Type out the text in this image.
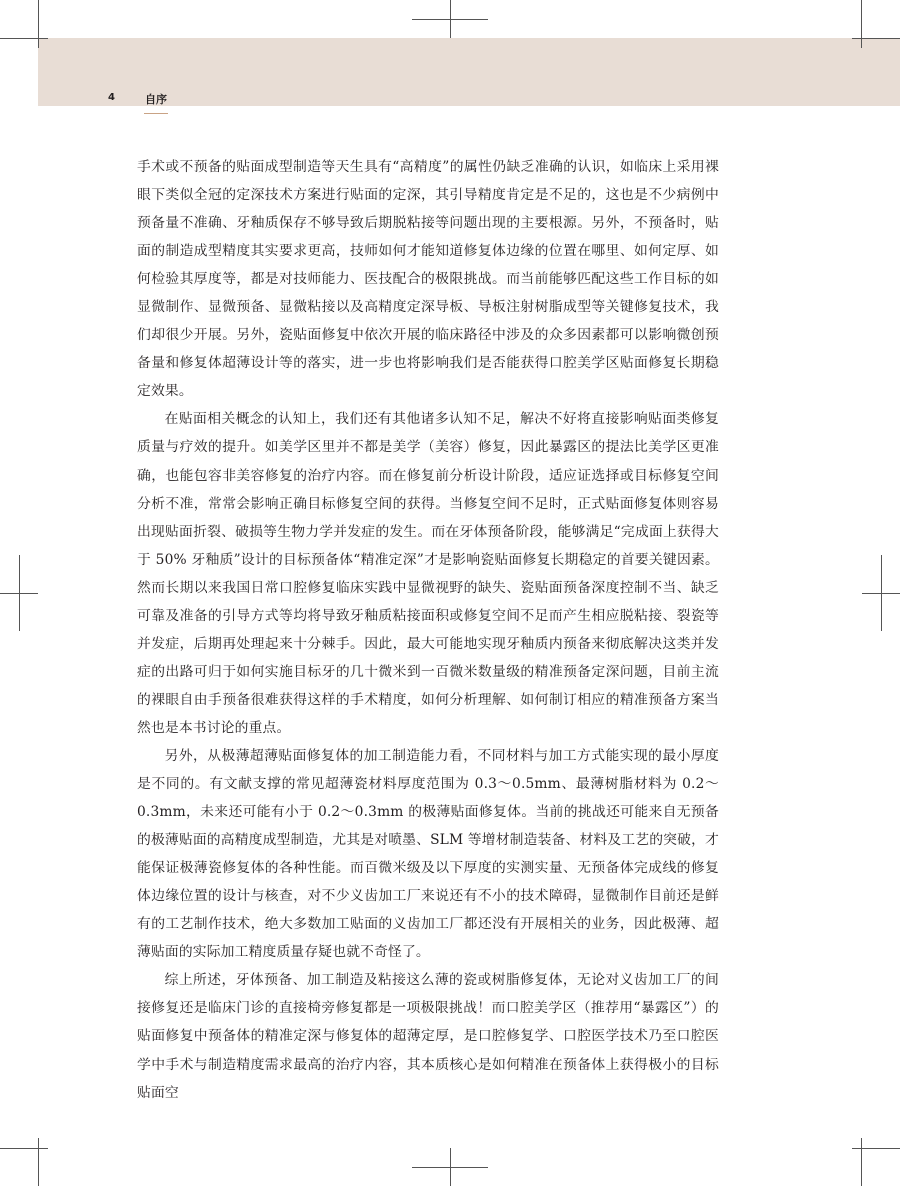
4	自序

手术或不预备的贴面成型制造等天生具有“高精度”的属性仍缺乏准确的认识，如临床上采用裸眼下类似全冠的定深技术方案进行贴面的定深，其引导精度肯定是不足的，这也是不少病例中预备量不准确、牙釉质保存不够导致后期脱粘接等问题出现的主要根源。另外，不预备时，贴面的制造成型精度其实要求更高，技师如何才能知道修复体边缘的位置在哪里、如何定厚、如何检验其厚度等，都是对技师能力、医技配合的极限挑战。而当前能够匹配这些工作目标的如显微制作、显微预备、显微粘接以及高精度定深导板、导板注射树脂成型等关键修复技术，我们却很少开展。另外，瓷贴面修复中依次开展的临床路径中涉及的众多因素都可以影响微创预备量和修复体超薄设计等的落实，进一步也将影响我们是否能获得口腔美学区贴面修复长期稳定效果。

在贴面相关概念的认知上，我们还有其他诸多认知不足，解决不好将直接影响贴面类修复质量与疗效的提升。如美学区里并不都是美学（美容）修复，因此暴露区的提法比美学区更准确，也能包容非美容修复的治疗内容。而在修复前分析设计阶段，适应证选择或目标修复空间分析不准，常常会影响正确目标修复空间的获得。当修复空间不足时，正式贴面修复体则容易出现贴面折裂、破损等生物力学并发症的发生。而在牙体预备阶段，能够满足“完成面上获得大于 50% 牙釉质”设计的目标预备体“精准定深”才是影响瓷贴面修复长期稳定的首要关键因素。然而长期以来我国日常口腔修复临床实践中显微视野的缺失、瓷贴面预备深度控制不当、缺乏可靠及准备的引导方式等均将导致牙釉质粘接面积或修复空间不足而产生相应脱粘接、裂瓷等并发症，后期再处理起来十分棘手。因此，最大可能地实现牙釉质内预备来彻底解决这类并发症的出路可归于如何实施目标牙的几十微米到一百微米数量级的精准预备定深问题，目前主流的裸眼自由手预备很难获得这样的手术精度，如何分析理解、如何制订相应的精准预备方案当然也是本书讨论的重点。

另外，从极薄超薄贴面修复体的加工制造能力看，不同材料与加工方式能实现的最小厚度是不同的。有文献支撑的常见超薄瓷材料厚度范围为 0.3～0.5mm、最薄树脂材料为 0.2～0.3mm，未来还可能有小于 0.2～0.3mm 的极薄贴面修复体。当前的挑战还可能来自无预备的极薄贴面的高精度成型制造，尤其是对喷墨、SLM 等增材制造装备、材料及工艺的突破，才能保证极薄瓷修复体的各种性能。而百微米级及以下厚度的实测实量、无预备体完成线的修复体边缘位置的设计与核查，对不少义齿加工厂来说还有不小的技术障碍，显微制作目前还是鲜有的工艺制作技术，绝大多数加工贴面的义齿加工厂都还没有开展相关的业务，因此极薄、超薄贴面的实际加工精度质量存疑也就不奇怪了。

综上所述，牙体预备、加工制造及粘接这么薄的瓷或树脂修复体，无论对义齿加工厂的间接修复还是临床门诊的直接椅旁修复都是一项极限挑战！而口腔美学区（推荐用“暴露区”）的贴面修复中预备体的精准定深与修复体的超薄定厚，是口腔修复学、口腔医学技术乃至口腔医学中手术与制造精度需求最高的治疗内容，其本质核心是如何精准在预备体上获得极小的目标贴面空
